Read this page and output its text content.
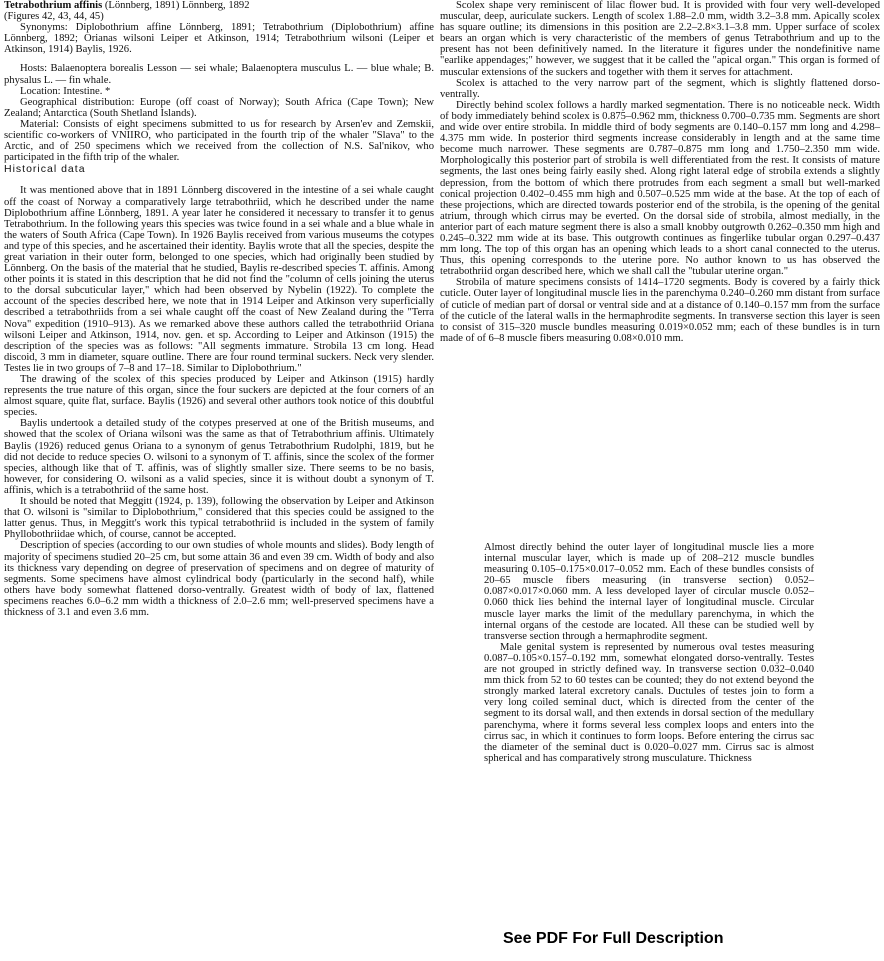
Tetrabothrium affinis (Lönnberg, 1891) Lönnberg, 1892

(Figures 42, 43, 44, 45)

Synonyms: Diplobothrium affine Lönnberg, 1891; Tetrabothrium (Diplobothrium) affine Lönnberg, 1892; Orianas wilsoni Leiper et Atkinson, 1914; Tetrabothrium wilsoni (Leiper et Atkinson, 1914) Baylis, 1926.

Hosts: Balaenoptera borealis Lesson — sei whale; Balaenoptera musculus L. — blue whale; B. physalus L. — fin whale.

Location: Intestine. *

Geographical distribution: Europe (off coast of Norway); South Africa (Cape Town); New Zealand; Antarctica (South Shetland Islands).

Material: Consists of eight specimens submitted to us for research by Arsen'ev and Zemskii, scientific co-workers of VNIIRO, who participated in the fourth trip of the whaler "Slava" to the Arctic, and of 250 specimens which we received from the collection of N.S. Sal'nikov, who participated in the fifth trip of the whaler.

Historical data

It was mentioned above that in 1891 Lönnberg discovered in the intestine of a sei whale caught off the coast of Norway a comparatively large tetrabothriid, which he described under the name Diplobothrium affine Lönnberg, 1891. A year later he considered it necessary to transfer it to genus Tetrabothrium. In the following years this species was twice found in a sei whale and a blue whale in the waters of South Africa (Cape Town). In 1926 Baylis received from various museums the cotypes and type of this species, and he ascertained their identity. Baylis wrote that all the species, despite the great variation in their outer form, belonged to one species, which had originally been studied by Lönnberg. On the basis of the material that he studied, Baylis re-described species T. affinis. Among other points it is stated in this description that he did not find the "column of cells joining the uterus to the dorsal subcuticular layer," which had been observed by Nybelin (1922). To complete the account of the species described here, we note that in 1914 Leiper and Atkinson very superficially described a tetrabothriids from a sei whale caught off the coast of New Zealand during the "Terra Nova" expedition (1910–913). As we remarked above these authors called the tetrabothriid Oriana wilsoni Leiper and Atkinson, 1914, nov. gen. et sp. According to Leiper and Atkinson (1915) the description of the species was as follows: "All segments immature. Strobila 13 cm long. Head discoid, 3 mm in diameter, square outline. There are four round terminal suckers. Neck very slender. Testes lie in two groups of 7–8 and 17–18. Similar to Diplobothrium."

The drawing of the scolex of this species produced by Leiper and Atkinson (1915) hardly represents the true nature of this organ, since the four suckers are depicted at the four corners of an almost square, quite flat, surface. Baylis (1926) and several other authors took notice of this doubtful species.

Baylis undertook a detailed study of the cotypes preserved at one of the British museums, and showed that the scolex of Oriana wilsoni was the same as that of Tetrabothrium affinis. Ultimately Baylis (1926) reduced genus Oriana to a synonym of genus Tetrabothrium Rudolphi, 1819, but he did not decide to reduce species O. wilsoni to a synonym of T. affinis, since the scolex of the former species, although like that of T. affinis, was of slightly smaller size. There seems to be no basis, however, for considering O. wilsoni as a valid species, since it is without doubt a synonym of T. affinis, which is a tetrabothriid of the same host.

It should be noted that Meggitt (1924, p. 139), following the observation by Leiper and Atkinson that O. wilsoni is "similar to Diplobothrium," considered that this species could be assigned to the latter genus. Thus, in Meggitt's work this typical tetrabothriid is included in the system of family Phyllobothriidae which, of course, cannot be accepted.

Description of species (according to our own studies of whole mounts and slides). Body length of majority of specimens studied 20–25 cm, but some attain 36 and even 39 cm. Width of body and also its thickness vary depending on degree of preservation of specimens and on degree of maturity of segments. Some specimens have almost cylindrical body (particularly in the second half), while others have body somewhat flattened dorso-ventrally. Greatest width of body of lax, flattened specimens reaches 6.0–6.2 mm width a thickness of 2.0–2.6 mm; well-preserved specimens have a thickness of 3.1 and even 3.6 mm.

Scolex shape very reminiscent of lilac flower bud. It is provided with four very well-developed muscular, deep, auriculate suckers. Length of scolex 1.88–2.0 mm, width 3.2–3.8 mm. Apically scolex has square outline; its dimensions in this position are 2.2–2.8×3.1–3.8 mm. Upper surface of scolex bears an organ which is very characteristic of the members of genus Tetrabothrium and up to the present has not been definitively named. In the literature it figures under the nondefinitive name "earlike appendages;" however, we suggest that it be called the "apical organ." This organ is formed of muscular extensions of the suckers and together with them it serves for attachment.

Scolex is attached to the very narrow part of the segment, which is slightly flattened dorso-ventrally.

Directly behind scolex follows a hardly marked segmentation. There is no noticeable neck. Width of body immediately behind scolex is 0.875–0.962 mm, thickness 0.700–0.735 mm. Segments are short and wide over entire strobila. In middle third of body segments are 0.140–0.157 mm long and 4.298–4.375 mm wide. In posterior third segments increase considerably in length and at the same time become much narrower. These segments are 0.787–0.875 mm long and 1.750–2.350 mm wide. Morphologically this posterior part of strobila is well differentiated from the rest. It consists of mature segments, the last ones being fairly easily shed. Along right lateral edge of strobila extends a slightly depression, from the bottom of which there protrudes from each segment a small but well-marked conical projection 0.402–0.455 mm high and 0.507–0.525 mm wide at the base. At the top of each of these projections, which are directed towards posterior end of the strobila, is the opening of the genital atrium, through which cirrus may be everted. On the dorsal side of strobila, almost medially, in the anterior part of each mature segment there is also a small knobby outgrowth 0.262–0.350 mm high and 0.245–0.322 mm wide at its base. This outgrowth continues as fingerlike tubular organ 0.297–0.437 mm long. The top of this organ has an opening which leads to a short canal connected to the uterus. Thus, this opening corresponds to the uterine pore. No author known to us has observed the tetrabothriid organ described here, which we shall call the "tubular uterine organ."

Strobila of mature specimens consists of 1414–1720 segments. Body is covered by a fairly thick cuticle. Outer layer of longitudinal muscle lies in the parenchyma 0.240–0.260 mm distant from surface of cuticle of median part of dorsal or ventral side and at a distance of 0.140–0.157 mm from the surface of the cuticle of the lateral walls in the hermaphrodite segments. In transverse section this layer is seen to consist of 315–320 muscle bundles measuring 0.019×0.052 mm; each of these bundles is in turn made of of 6–8 muscle fibers measuring 0.08×0.010 mm.

Almost directly behind the outer layer of longitudinal muscle lies a more internal muscular layer, which is made up of 208–212 muscle bundles measuring 0.105–0.175×0.017–0.052 mm. Each of these bundles consists of 20–65 muscle fibers measuring (in transverse section) 0.052–0.087×0.017×0.060 mm. A less developed layer of circular muscle 0.052–0.060 thick lies behind the internal layer of longitudinal muscle. Circular muscle layer marks the limit of the medullary parenchyma, in which the internal organs of the cestode are located. All these can be studied well by transverse section through a hermaphrodite segment.

Male genital system is represented by numerous oval testes measuring 0.087–0.105×0.157–0.192 mm, somewhat elongated dorso-ventrally. Testes are not grouped in strictly defined way. In transverse section 0.032–0.040 mm thick from 52 to 60 testes can be counted; they do not extend beyond the strongly marked lateral excretory canals. Ductules of testes join to form a very long coiled seminal duct, which is directed from the center of the segment to its dorsal wall, and then extends in dorsal section of the medullary parenchyma, where it forms several less complex loops and enters into the cirrus sac, in which it continues to form loops. Before entering the cirrus sac the diameter of the seminal duct is 0.020–0.027 mm. Cirrus sac is almost spherical and has comparatively strong musculature. Thickness

See PDF For Full Description
